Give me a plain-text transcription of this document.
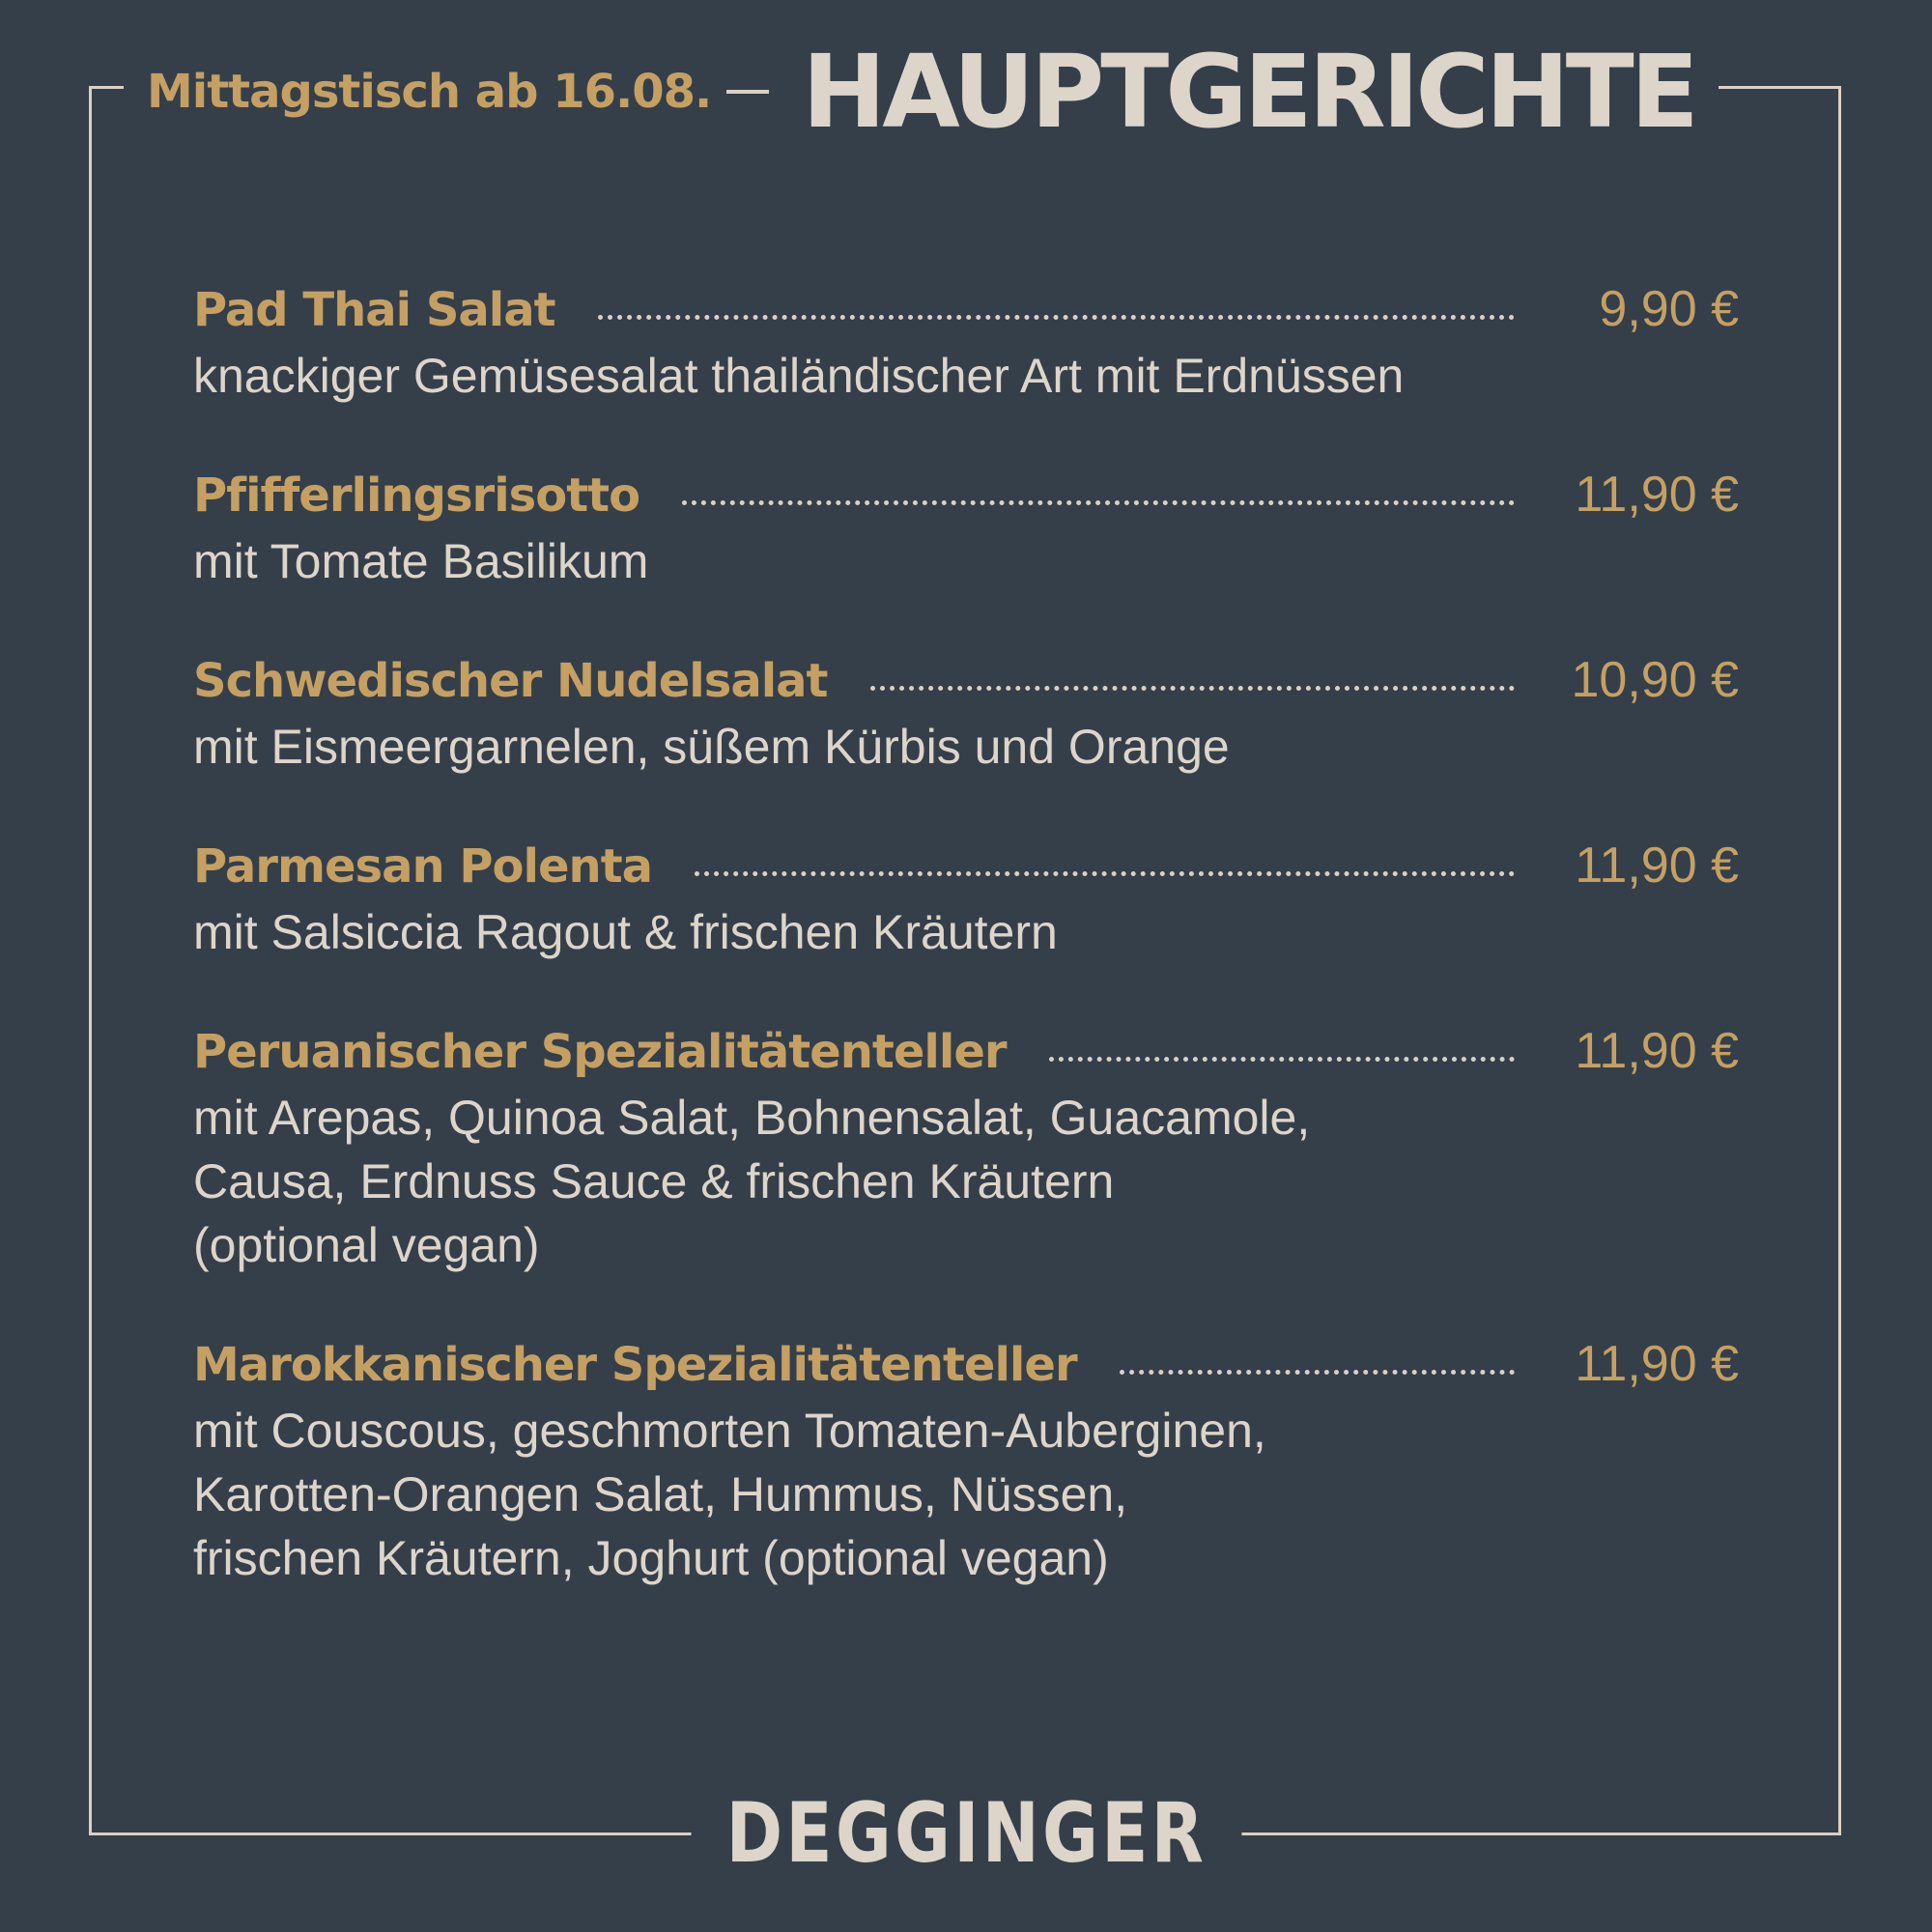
Mittagstisch ab 16.08. HAUPTGERICHTE
Pad Thai Salat	9,90 €
knackiger Gemüsesalat thailändischer Art mit Erdnüssen
Pfifferlingsrisotto	11,90 €
mit Tomate Basilikum
Schwedischer Nudelsalat	10,90 €
mit Eismeergarnelen, süßem Kürbis und Orange
Parmesan Polenta	11,90 €
mit Salsiccia Ragout & frischen Kräutern
Peruanischer Spezialitätenteller	11,90 €
mit Arepas, Quinoa Salat, Bohnensalat, Guacamole,
Causa, Erdnuss Sauce & frischen Kräutern
(optional vegan)
Marokkanischer Spezialitätenteller	11,90 €
mit Couscous, geschmorten Tomaten-Auberginen,
Karotten-Orangen Salat, Hummus, Nüssen,
frischen Kräutern, Joghurt (optional vegan)
DEGGINGER
